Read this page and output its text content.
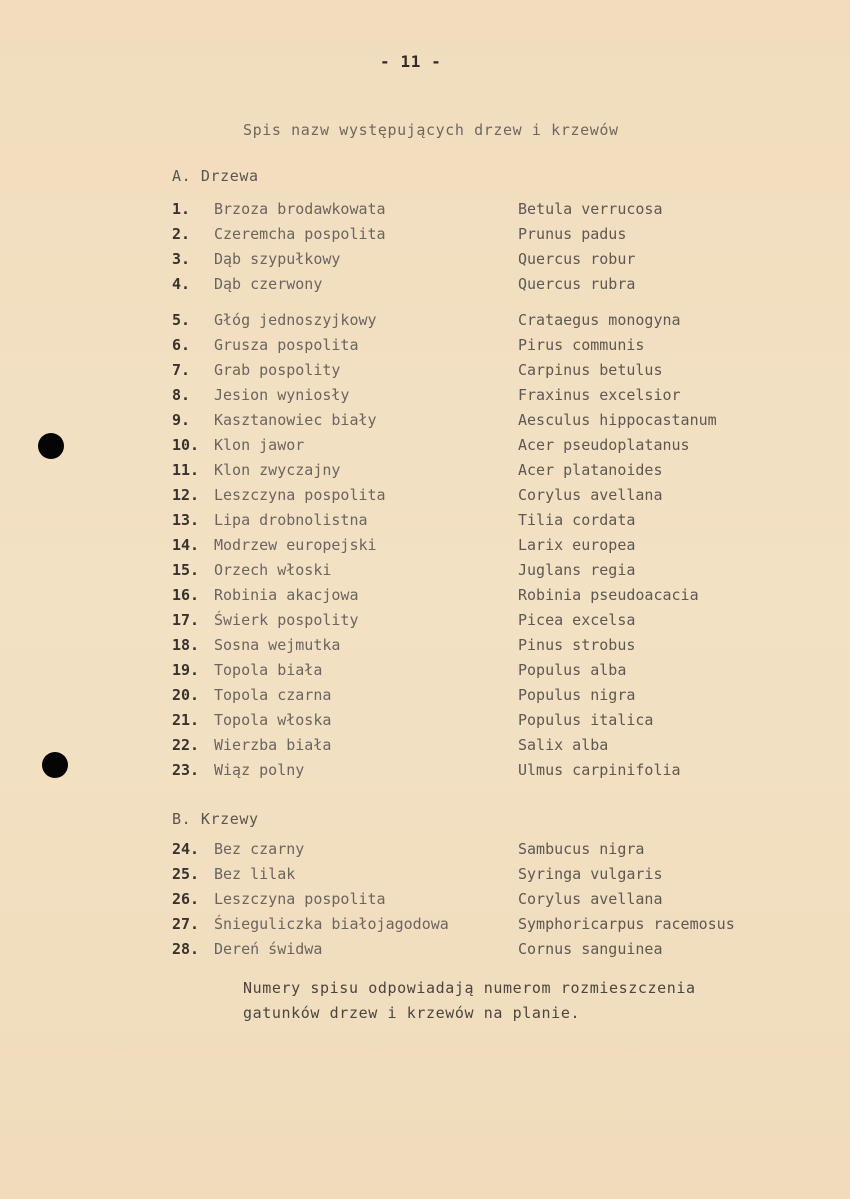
- 11 -
Spis nazw występujących drzew i krzewów
A. Drzewa
1. Brzoza brodawkowata	Betula verrucosa
2. Czeremcha pospolita	Prunus padus
3. Dąb szypułkowy	Quercus robur
4. Dąb czerwony	Quercus rubra
5. Głóg jednoszyjkowy	Crataegus monogyna
6. Grusza pospolita	Pirus communis
7. Grab pospolity	Carpinus betulus
8. Jesion wyniosły	Fraxinus excelsior
9. Kasztanowiec biały	Aesculus hippocastanum
10. Klon jawor	Acer pseudoplatanus
11. Klon zwyczajny	Acer platanoides
12. Leszczyna pospolita	Corylus avellana
13. Lipa drobnolistna	Tilia cordata
14. Modrzew europejski	Larix europea
15. Orzech włoski	Juglans regia
16. Robinia akacjowa	Robinia pseudoacacia
17. Świerk pospolity	Picea excelsa
18. Sosna wejmutka	Pinus strobus
19. Topola biała	Populus alba
20. Topola czarna	Populus nigra
21. Topola włoska	Populus italica
22. Wierzba biała	Salix alba
23. Wiąz polny	Ulmus carpinifolia
B. Krzewy
24. Bez czarny	Sambucus nigra
25. Bez lilak	Syringa vulgaris
26. Leszczyna pospolita	Corylus avellana
27. Śnieguliczka białojagodowa	Symphoricarpus racemosus
28. Dereń świdwa	Cornus sanguinea
Numery spisu odpowiadają numerom rozmieszczenia
gatunków drzew i krzewów na planie.
